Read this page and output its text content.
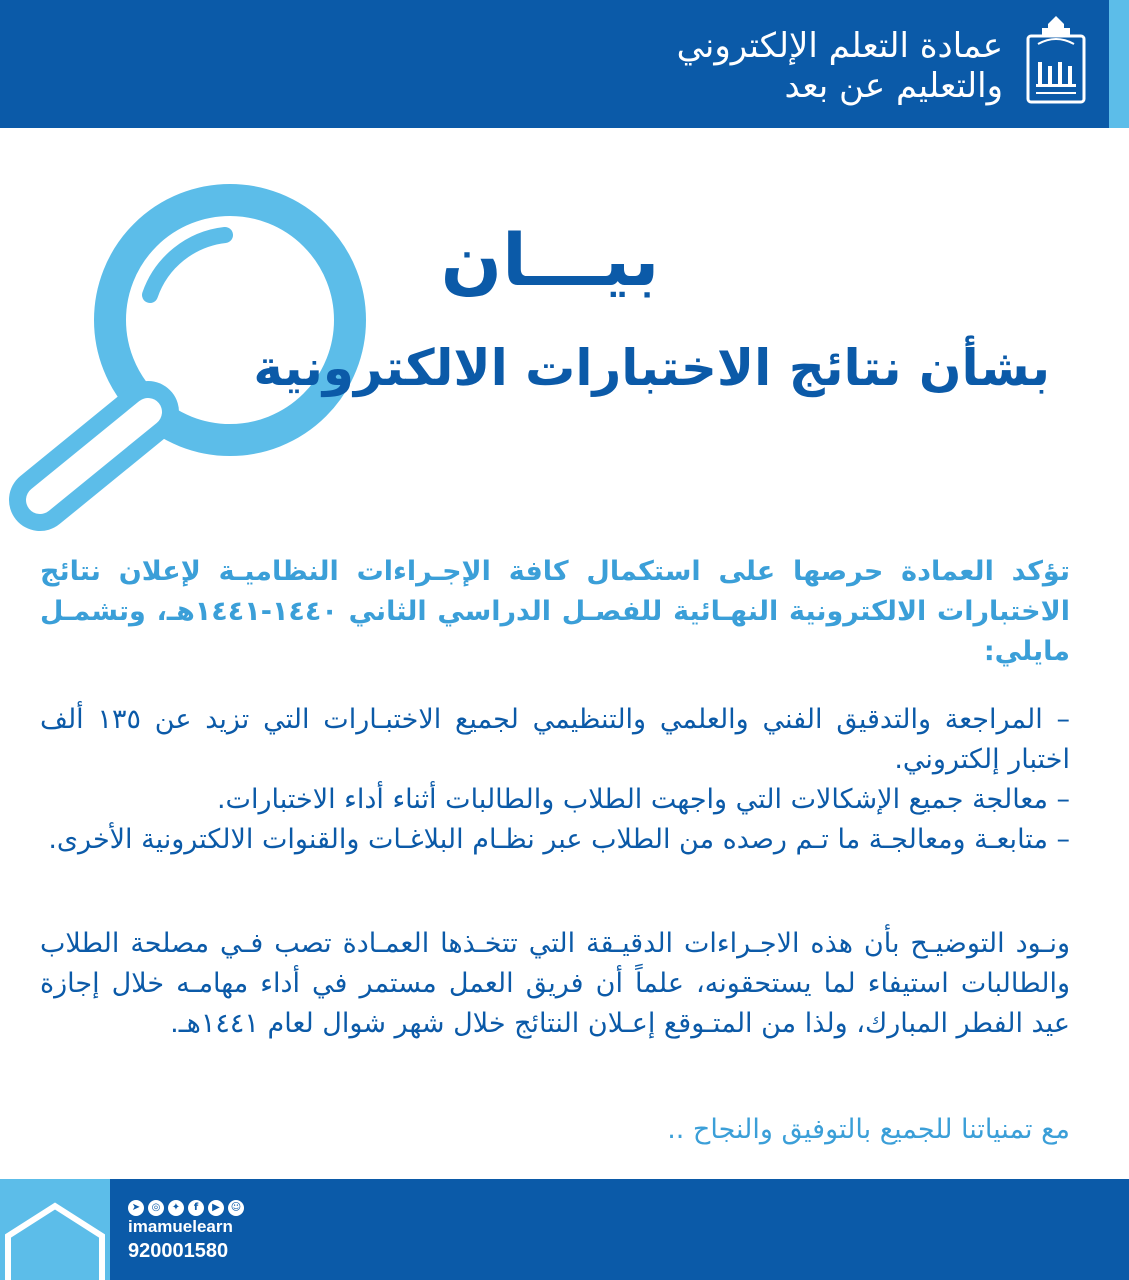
عمادة التعلم الإلكتروني
والتعليم عن بعد
بيـــان
بشأن نتائج الاختبارات الالكترونية
تؤكد العمادة حرصها على استكمال كافة الإجـراءات النظاميـة لإعلان نتائج الاختبارات الالكترونية النهـائية للفصـل الدراسي الثاني ١٤٤٠-١٤٤١هـ، وتشمـل مايلي:
– المراجعة والتدقيق الفني والعلمي والتنظيمي لجميع الاختبـارات التي تزيد عن ١٣٥ ألف اختبار إلكتروني.
– معالجة جميع الإشكالات التي واجهت الطلاب والطالبات أثناء أداء الاختبارات.
– متابعـة ومعالجـة ما تـم رصده من الطلاب عبر نظـام البلاغـات والقنوات الالكترونية الأخرى.
ونـود التوضيـح بأن هذه الاجـراءات الدقيـقة التي تتخـذها العمـادة تصب فـي مصلحة الطلاب والطالبات استيفاء لما يستحقونه، علماً أن فريق العمل مستمر في أداء مهامـه خلال إجازة عيد الفطر المبارك، ولذا من المتـوقع إعـلان النتائج خلال شهر شوال لعام ١٤٤١هـ.
مع تمنياتنا للجميع بالتوفيق والنجاح ..
➤	◎	✦	f	▶	☺
imamuelearn
920001580
